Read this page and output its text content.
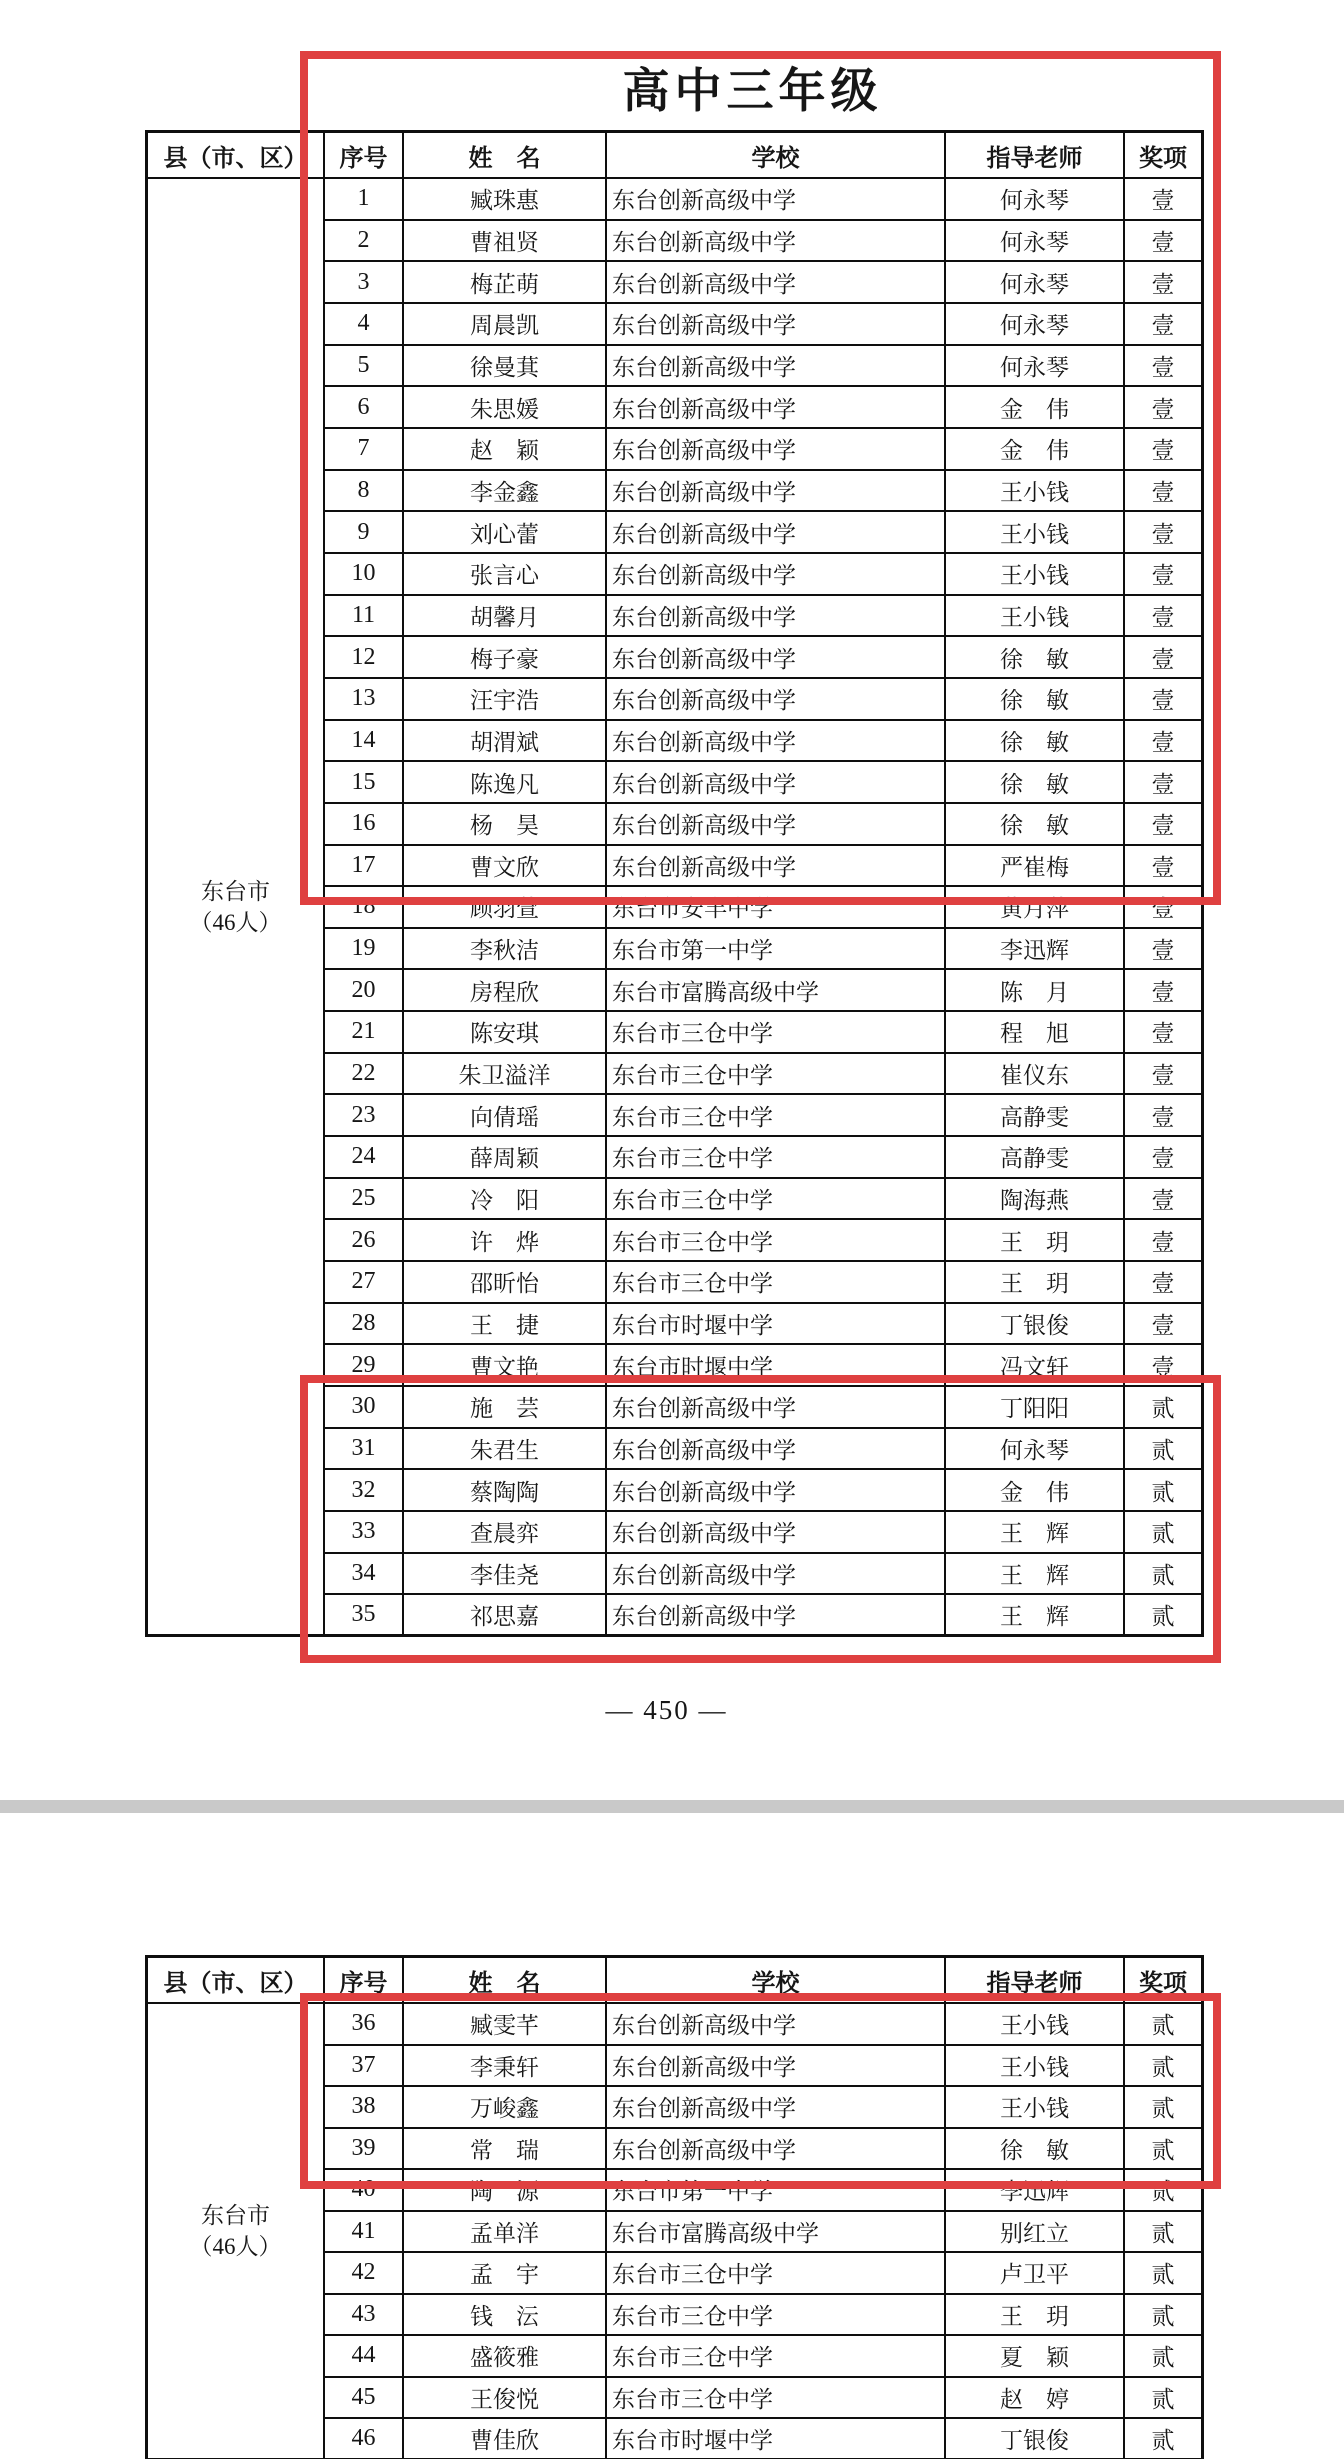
高中三年级
县（市、区）	序号	姓　名	学校	指导老师	奖项

东台市
（46人）	1	臧珠惠	东台创新高级中学	何永琴	壹
	2	曹祖贤	东台创新高级中学	何永琴	壹
	3	梅芷萌	东台创新高级中学	何永琴	壹
	4	周晨凯	东台创新高级中学	何永琴	壹
	5	徐曼萁	东台创新高级中学	何永琴	壹
	6	朱思媛	东台创新高级中学	金　伟	壹
	7	赵　颖	东台创新高级中学	金　伟	壹
	8	李金鑫	东台创新高级中学	王小钱	壹
	9	刘心蕾	东台创新高级中学	王小钱	壹
	10	张言心	东台创新高级中学	王小钱	壹
	11	胡馨月	东台创新高级中学	王小钱	壹
	12	梅子豪	东台创新高级中学	徐　敏	壹
	13	汪宇浩	东台创新高级中学	徐　敏	壹
	14	胡渭斌	东台创新高级中学	徐　敏	壹
	15	陈逸凡	东台创新高级中学	徐　敏	壹
	16	杨　昊	东台创新高级中学	徐　敏	壹
	17	曹文欣	东台创新高级中学	严崔梅	壹
	18	顾羽萱	东台市安丰中学	黄月萍	壹
	19	李秋洁	东台市第一中学	李迅辉	壹
	20	房程欣	东台市富腾高级中学	陈　月	壹
	21	陈安琪	东台市三仓中学	程　旭	壹
	22	朱卫溢洋	东台市三仓中学	崔仪东	壹
	23	向倩瑶	东台市三仓中学	高静雯	壹
	24	薛周颖	东台市三仓中学	高静雯	壹
	25	冷　阳	东台市三仓中学	陶海燕	壹
	26	许　烨	东台市三仓中学	王　玥	壹
	27	邵昕怡	东台市三仓中学	王　玥	壹
	28	王　捷	东台市时堰中学	丁银俊	壹
	29	曹文艳	东台市时堰中学	冯文轩	壹
	30	施　芸	东台创新高级中学	丁阳阳	贰
	31	朱君生	东台创新高级中学	何永琴	贰
	32	蔡陶陶	东台创新高级中学	金　伟	贰
	33	查晨弈	东台创新高级中学	王　辉	贰
	34	李佳尧	东台创新高级中学	王　辉	贰
	35	祁思嘉	东台创新高级中学	王　辉	贰
— 450 —
县（市、区）	序号	姓　名	学校	指导老师	奖项

东台市
（46人）	36	臧雯芊	东台创新高级中学	王小钱	贰
	37	李秉轩	东台创新高级中学	王小钱	贰
	38	万峻鑫	东台创新高级中学	王小钱	贰
	39	常　瑞	东台创新高级中学	徐　敏	贰
	40	陶　源	东台市第一中学	李迅辉	贰
	41	孟单洋	东台市富腾高级中学	别红立	贰
	42	孟　宇	东台市三仓中学	卢卫平	贰
	43	钱　沄	东台市三仓中学	王　玥	贰
	44	盛筱雅	东台市三仓中学	夏　颖	贰
	45	王俊悦	东台市三仓中学	赵　婷	贰
	46	曹佳欣	东台市时堰中学	丁银俊	贰
